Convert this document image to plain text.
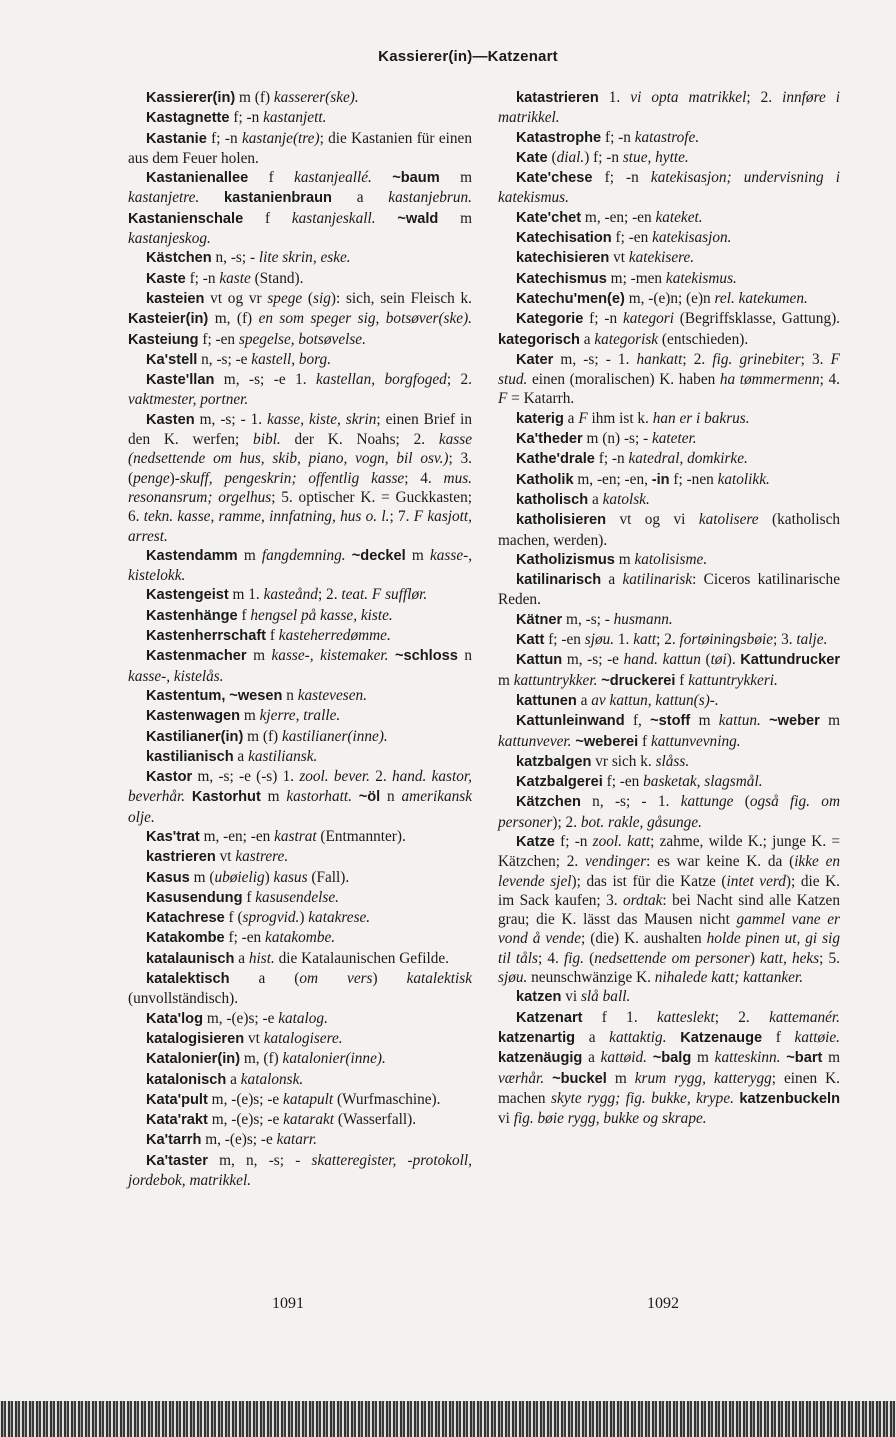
Kassierer(in)—Katzenart

Kassierer(in) m (f) kasserer(ske).

Kastagnette f; -n kastanjett.

Kastanie f; -n kastanje(tre); die Kastanien für einen aus dem Feuer holen.

Kastanienallee f kastanjeallé. ~baum m kastanjetre. kastanienbraun a kastanjebrun. Kastanienschale f kastanjeskall. ~wald m kastanjeskog.

Kästchen n, -s; - lite skrin, eske.

Kaste f; -n kaste (Stand).

kasteien vt og vr spege (sig): sich, sein Fleisch k. Kasteier(in) m, (f) en som speger sig, botsøver(ske). Kasteiung f; -en spegelse, botsøvelse.

Ka'stell n, -s; -e kastell, borg.

Kaste'llan m, -s; -e 1. kastellan, borgfoged; 2. vaktmester, portner.

Kasten m, -s; - 1. kasse, kiste, skrin; einen Brief in den K. werfen; bibl. der K. Noahs; 2. kasse (nedsettende om hus, skib, piano, vogn, bil osv.); 3. (penge)-skuff, pengeskrin; offentlig kasse; 4. mus. resonansrum; orgelhus; 5. optischer K. = Guckkasten; 6. tekn. kasse, ramme, innfatning, hus o. l.; 7. F kasjott, arrest.

Kastendamm m fangdemning. ~deckel m kasse-, kistelokk.

Kastengeist m 1. kasteånd; 2. teat. F sufflør.

Kastenhänge f hengsel på kasse, kiste.

Kastenherrschaft f kasteherredømme.

Kastenmacher m kasse-, kistemaker. ~schloss n kasse-, kistelås.

Kastentum, ~wesen n kastevesen.

Kastenwagen m kjerre, tralle.

Kastilianer(in) m (f) kastilianer(inne).

kastilianisch a kastiliansk.

Kastor m, -s; -e (-s) 1. zool. bever. 2. hand. kastor, beverhår. Kastorhut m kastorhatt. ~öl n amerikansk olje.

Kas'trat m, -en; -en kastrat (Entmannter).

kastrieren vt kastrere.

Kasus m (ubøielig) kasus (Fall).

Kasusendung f kasusendelse.

Katachrese f (sprogvid.) katakrese.

Katakombe f; -en katakombe.

katalaunisch a hist. die Katalaunischen Gefilde.

katalektisch a (om vers) katalektisk (unvollständisch).

Kata'log m, -(e)s; -e katalog.

katalogisieren vt katalogisere.

Katalonier(in) m, (f) katalonier(inne).

katalonisch a katalonsk.

Kata'pult m, -(e)s; -e katapult (Wurfmaschine).

Kata'rakt m, -(e)s; -e katarakt (Wasserfall).

Ka'tarrh m, -(e)s; -e katarr.

Ka'taster m, n, -s; - skatteregister, -protokoll, jordebok, matrikkel.

katastrieren 1. vi opta matrikkel; 2. innføre i matrikkel.

Katastrophe f; -n katastrofe.

Kate (dial.) f; -n stue, hytte.

Kate'chese f; -n katekisasjon; undervisning i katekismus.

Kate'chet m, -en; -en kateket.

Katechisation f; -en katekisasjon.

katechisieren vt katekisere.

Katechismus m; -men katekismus.

Katechu'men(e) m, -(e)n; (e)n rel. katekumen.

Kategorie f; -n kategori (Begriffsklasse, Gattung). kategorisch a kategorisk (entschieden).

Kater m, -s; - 1. hankatt; 2. fig. grinebiter; 3. F stud. einen (moralischen) K. haben ha tømmermenn; 4. F = Katarrh.

katerig a F ihm ist k. han er i bakrus.

Ka'theder m (n) -s; - kateter.

Kathe'drale f; -n katedral, domkirke.

Katholik m, -en; -en, -in f; -nen katolikk.

katholisch a katolsk.

katholisieren vt og vi katolisere (katholisch machen, werden).

Katholizismus m katolisisme.

katilinarisch a katilinarisk: Ciceros katilinarische Reden.

Kätner m, -s; - husmann.

Katt f; -en sjøu. 1. katt; 2. fortøiningsbøie; 3. talje.

Kattun m, -s; -e hand. kattun (tøi). Kattundrucker m kattuntrykker. ~druckerei f kattuntrykkeri.

kattunen a av kattun, kattun(s)-.

Kattunleinwand f, ~stoff m kattun. ~weber m kattunvever. ~weberei f kattunvevning.

katzbalgen vr sich k. slåss.

Katzbalgerei f; -en basketak, slagsmål.

Kätzchen n, -s; - 1. kattunge (også fig. om personer); 2. bot. rakle, gåsunge.

Katze f; -n zool. katt; zahme, wilde K.; junge K. = Kätzchen; 2. vendinger: es war keine K. da (ikke en levende sjel); das ist für die Katze (intet verd); die K. im Sack kaufen; 3. ordtak: bei Nacht sind alle Katzen grau; die K. lässt das Mausen nicht gammel vane er vond å vende; (die) K. aushalten holde pinen ut, gi sig til tåls; 4. fig. (nedsettende om personer) katt, heks; 5. sjøu. neunschwänzige K. nihalede katt; kattanker.

katzen vi slå ball.

Katzenart f 1. katteslekt; 2. kattemanér. katzenartig a kattaktig. Katzenauge f kattøie. katzenäugig a kattøid. ~balg m katteskinn. ~bart m værhår. ~buckel m krum rygg, katterygg; einen K. machen skyte rygg; fig. bukke, krype. katzenbuckeln vi fig. bøie rygg, bukke og skrape.

1091	1092
